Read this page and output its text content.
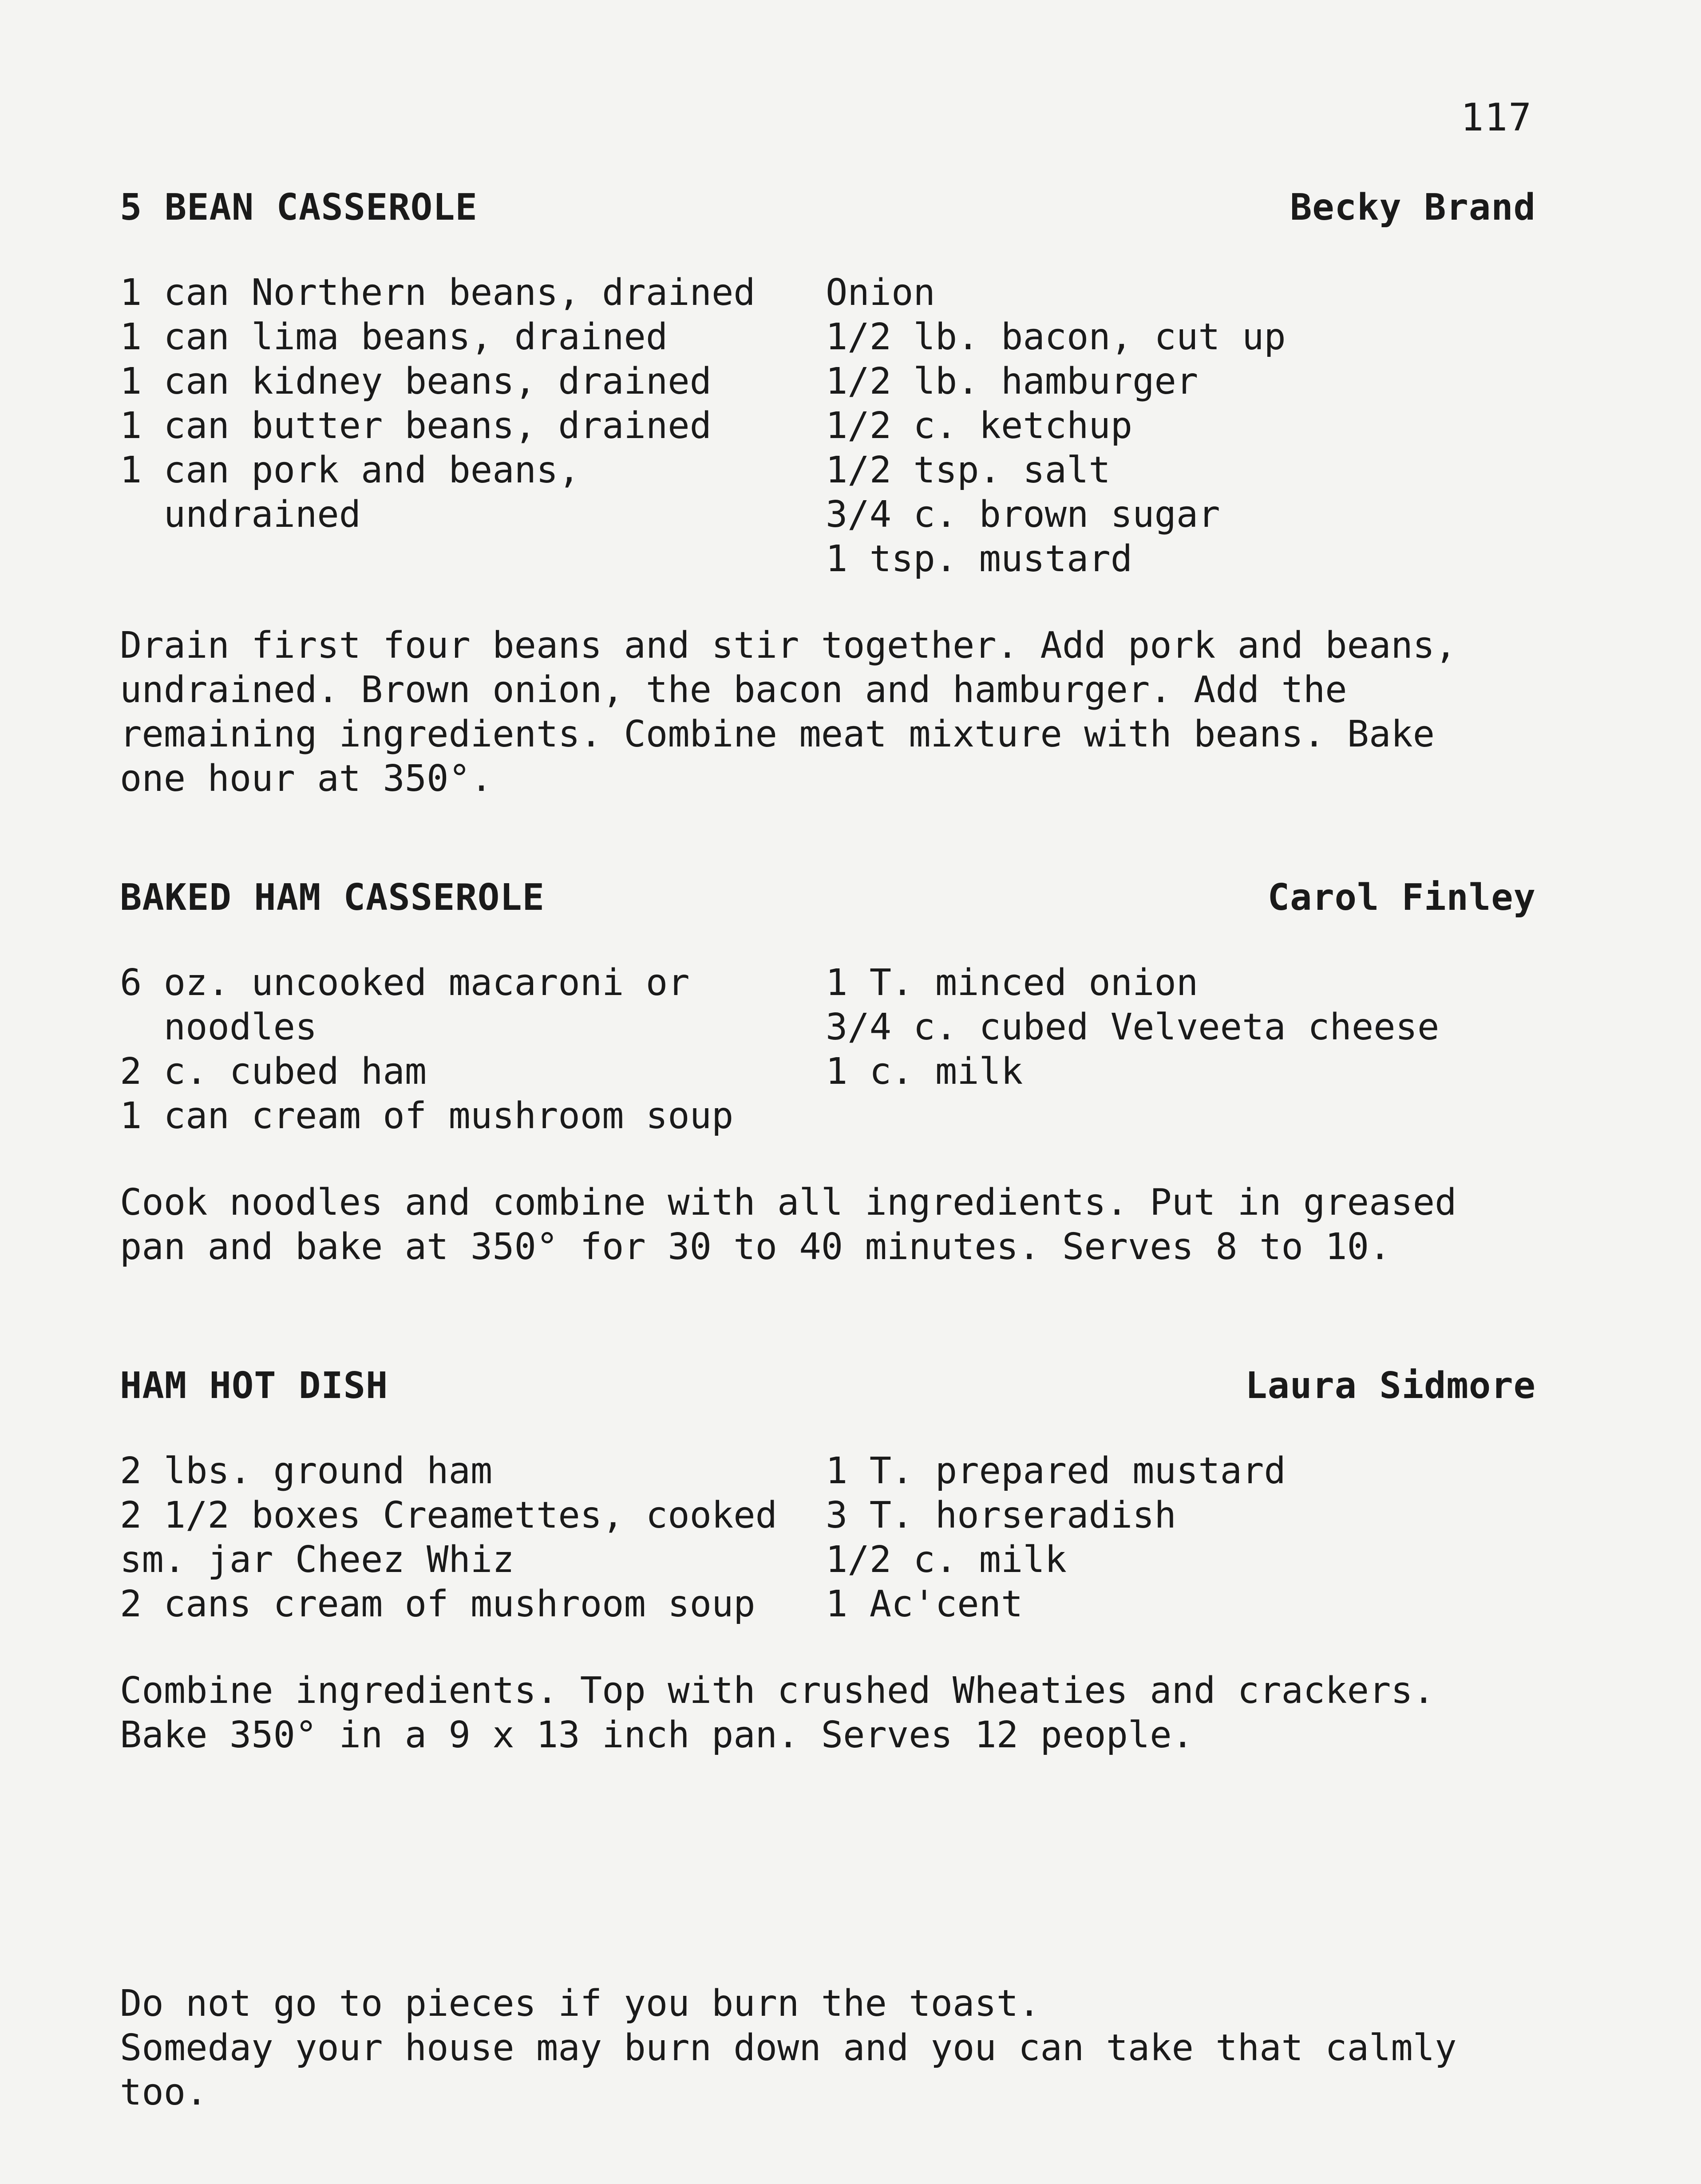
117
5 BEAN CASSEROLE	Becky Brand
1 can Northern beans, drained
1 can lima beans, drained
1 can kidney beans, drained
1 can butter beans, drained
1 can pork and beans,
undrained
Onion
1/2 lb. bacon, cut up
1/2 lb. hamburger
1/2 c. ketchup
1/2 tsp. salt
3/4 c. brown sugar
1 tsp. mustard
Drain first four beans and stir together. Add pork and beans,
undrained. Brown onion, the bacon and hamburger. Add the
remaining ingredients. Combine meat mixture with beans. Bake
one hour at 350°.
BAKED HAM CASSEROLE	Carol Finley
6 oz. uncooked macaroni or
noodles
2 c. cubed ham
1 can cream of mushroom soup
1 T. minced onion
3/4 c. cubed Velveeta cheese
1 c. milk
Cook noodles and combine with all ingredients. Put in greased
pan and bake at 350° for 30 to 40 minutes. Serves 8 to 10.
HAM HOT DISH	Laura Sidmore
2 lbs. ground ham
2 1/2 boxes Creamettes, cooked
sm. jar Cheez Whiz
2 cans cream of mushroom soup
1 T. prepared mustard
3 T. horseradish
1/2 c. milk
1 Ac'cent
Combine ingredients. Top with crushed Wheaties and crackers.
Bake 350° in a 9 x 13 inch pan. Serves 12 people.
Do not go to pieces if you burn the toast.
Someday your house may burn down and you can take that calmly
too.
